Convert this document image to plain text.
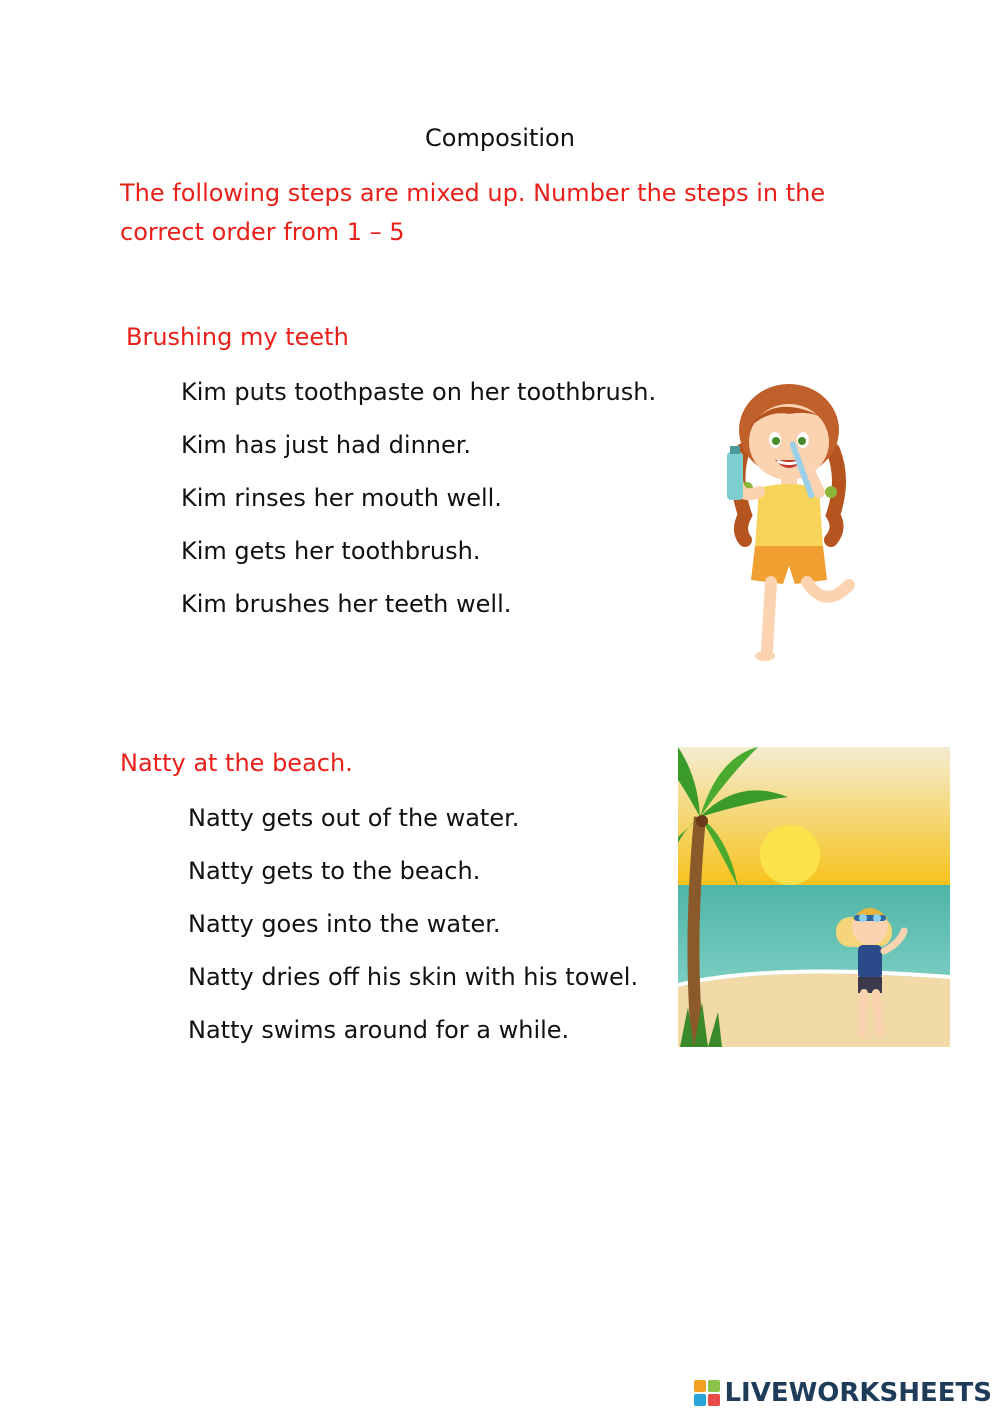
Composition
The following steps are mixed up. Number the steps in the correct order from 1 – 5
Brushing my teeth
Kim puts toothpaste on her toothbrush.
Kim has just had dinner.
Kim rinses her mouth well.
Kim gets her toothbrush.
Kim brushes her teeth well.
Natty at the beach.
Natty gets out of the water.
Natty gets to the beach.
Natty goes into the water.
Natty dries off his skin with his towel.
Natty swims around for a while.
LIVEWORKSHEETS
